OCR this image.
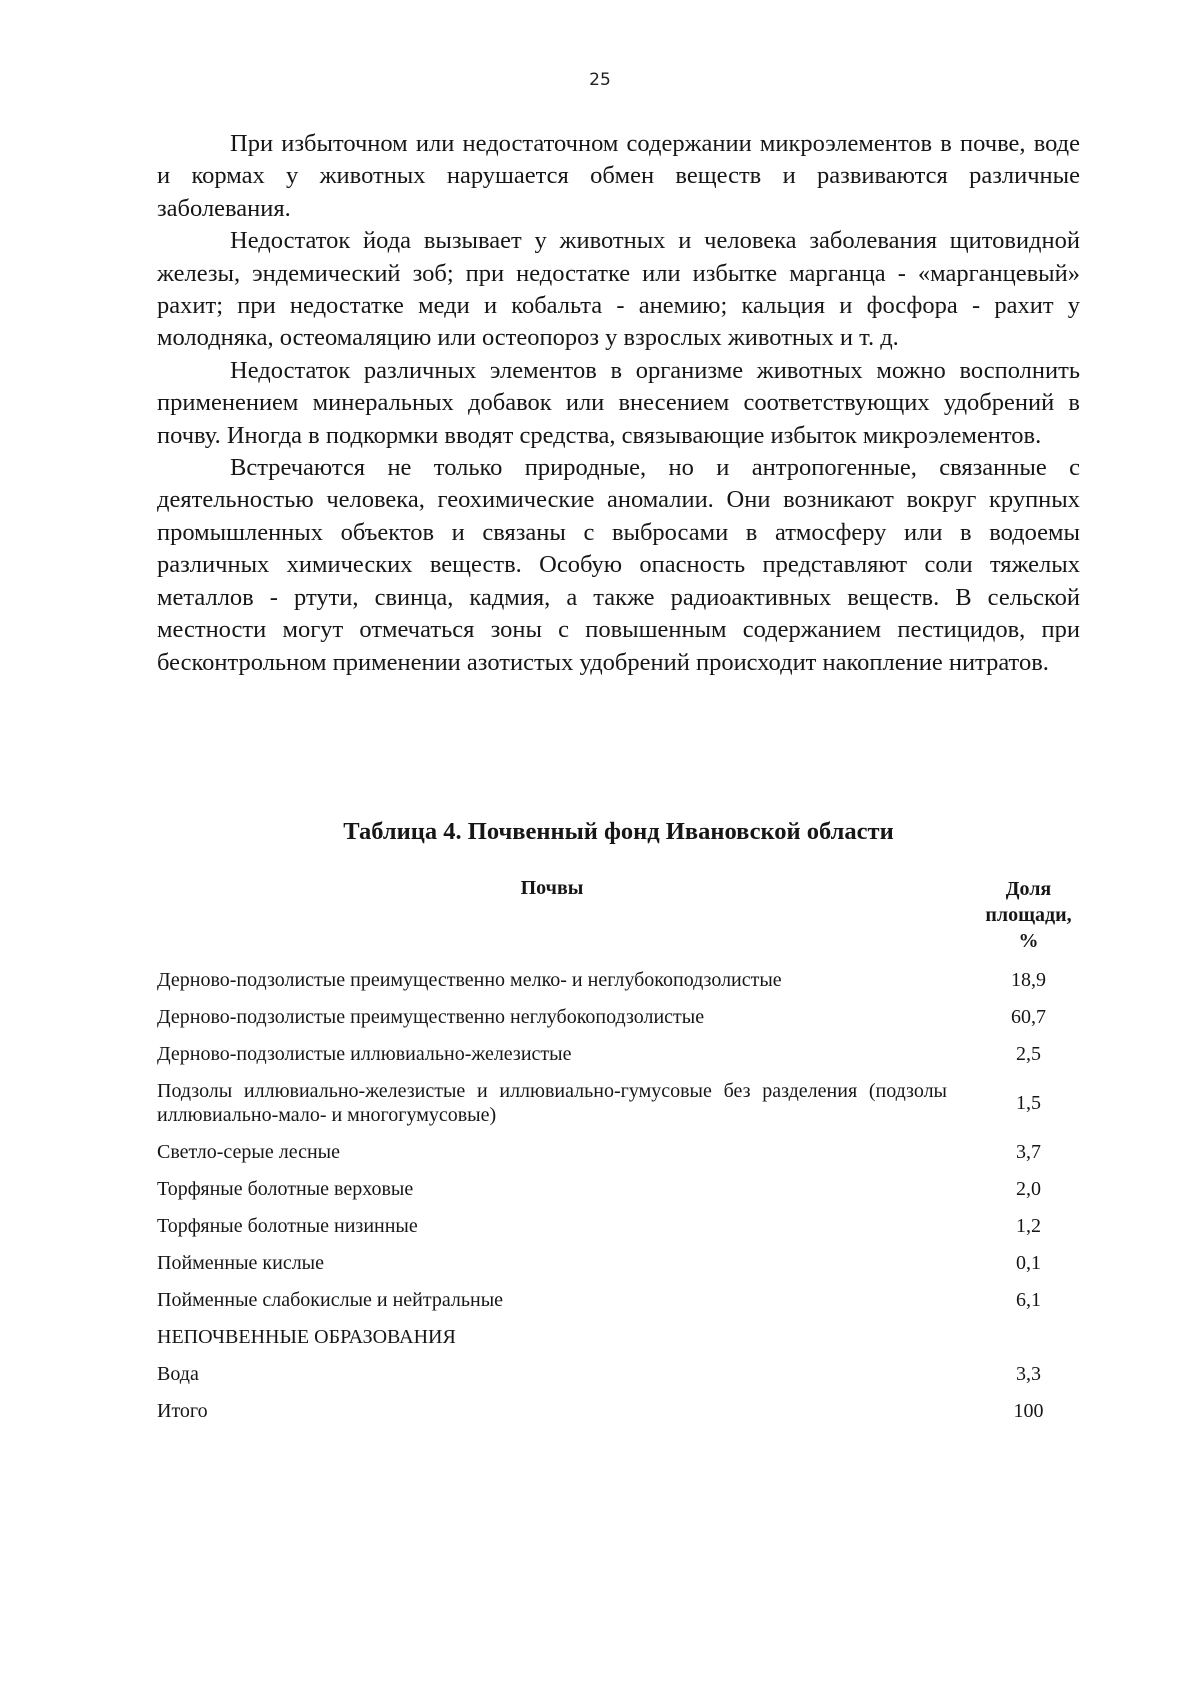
25

При избыточном или недостаточном содержании микроэлементов в почве, воде и кормах у животных нарушается обмен веществ и развиваются различные заболевания.

Недостаток йода вызывает у животных и человека заболевания щитовидной железы, эндемический зоб; при недостатке или избытке марганца - «марганцевый» рахит; при недостатке меди и кобальта - анемию; кальция и фосфора - рахит у молодняка, остеомаляцию или остеопороз у взрослых животных и т. д.

Недостаток различных элементов в организме животных можно восполнить применением минеральных добавок или внесением соответствующих удобрений в почву. Иногда в подкормки вводят средства, связывающие избыток микроэлементов.

Встречаются не только природные, но и антропогенные, связанные с деятельностью человека, геохимические аномалии. Они возникают вокруг крупных промышленных объектов и связаны с выбросами в атмосферу или в водоемы различных химических веществ. Особую опасность представляют соли тяжелых металлов - ртути, свинца, кадмия, а также радиоактивных веществ. В сельской местности могут отмечаться зоны с повышенным содержанием пестицидов, при бесконтрольном применении азотистых удобрений происходит накопление нитратов.

Таблица 4. Почвенный фонд Ивановской области
Почвы	Доля площади, %
Дерново-подзолистые преимущественно мелко- и неглубокоподзолистые	18,9
Дерново-подзолистые преимущественно неглубокоподзолистые	60,7
Дерново-подзолистые иллювиально-железистые	2,5
Подзолы иллювиально-железистые и иллювиально-гумусовые без разделения (подзолы иллювиально-мало- и многогумусовые)	1,5
Светло-серые лесные	3,7
Торфяные болотные верховые	2,0
Торфяные болотные низинные	1,2
Пойменные кислые	0,1
Пойменные слабокислые и нейтральные	6,1
НЕПОЧВЕННЫЕ ОБРАЗОВАНИЯ	
Вода	3,3
Итого	100
